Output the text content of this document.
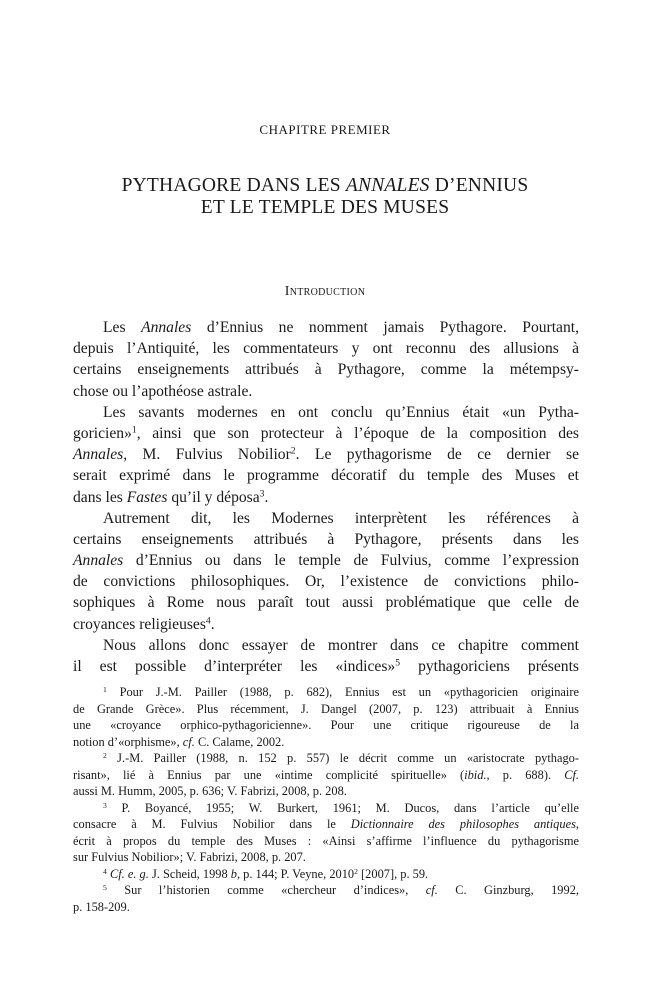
CHAPITRE PREMIER
PYTHAGORE DANS LES ANNALES D’ENNIUS
ET LE TEMPLE DES MUSES
Introduction
Les Annales d’Ennius ne nomment jamais Pythagore. Pourtant,
depuis l’Antiquité, les commentateurs y ont reconnu des allusions à
certains enseignements attribués à Pythagore, comme la métempsy-
chose ou l’apothéose astrale.
Les savants modernes en ont conclu qu’Ennius était «un Pytha-
goricien»$^1$, ainsi que son protecteur à l’époque de la composition des
Annales, M. Fulvius Nobilior$^2$. Le pythagorisme de ce dernier se
serait exprimé dans le programme décoratif du temple des Muses et
dans les Fastes qu’il y déposa$^3$.
Autrement dit, les Modernes interprètent les références à
certains enseignements attribués à Pythagore, présents dans les
Annales d’Ennius ou dans le temple de Fulvius, comme l’expression
de convictions philosophiques. Or, l’existence de convictions philo-
sophiques à Rome nous paraît tout aussi problématique que celle de
croyances religieuses$^4$.
Nous allons donc essayer de montrer dans ce chapitre comment
il est possible d’interpréter les «indices»$^5$ pythagoriciens présents
$^1$ Pour J.-M. Pailler (1988, p. 682), Ennius est un «pythagoricien originaire
de Grande Grèce». Plus récemment, J. Dangel (2007, p. 123) attribuait à Ennius
une «croyance orphico-pythagoricienne». Pour une critique rigoureuse de la
notion d’«orphisme», cf. C. Calame, 2002.
$^2$ J.-M. Pailler (1988, n. 152 p. 557) le décrit comme un «aristocrate pythago-
risant», lié à Ennius par une «intime complicité spirituelle» (ibid., p. 688). Cf.
aussi M. Humm, 2005, p. 636; V. Fabrizi, 2008, p. 208.
$^3$ P. Boyancé, 1955; W. Burkert, 1961; M. Ducos, dans l’article qu’elle
consacre à M. Fulvius Nobilior dans le Dictionnaire des philosophes antiques,
écrit à propos du temple des Muses : «Ainsi s’affirme l’influence du pythagorisme
sur Fulvius Nobilior»; V. Fabrizi, 2008, p. 207.
$^4$ Cf. e. g. J. Scheid, 1998 b, p. 144; P. Veyne, 2010$^2$ [2007], p. 59.
$^5$ Sur l’historien comme «chercheur d’indices», cf. C. Ginzburg, 1992,
p. 158-209.
